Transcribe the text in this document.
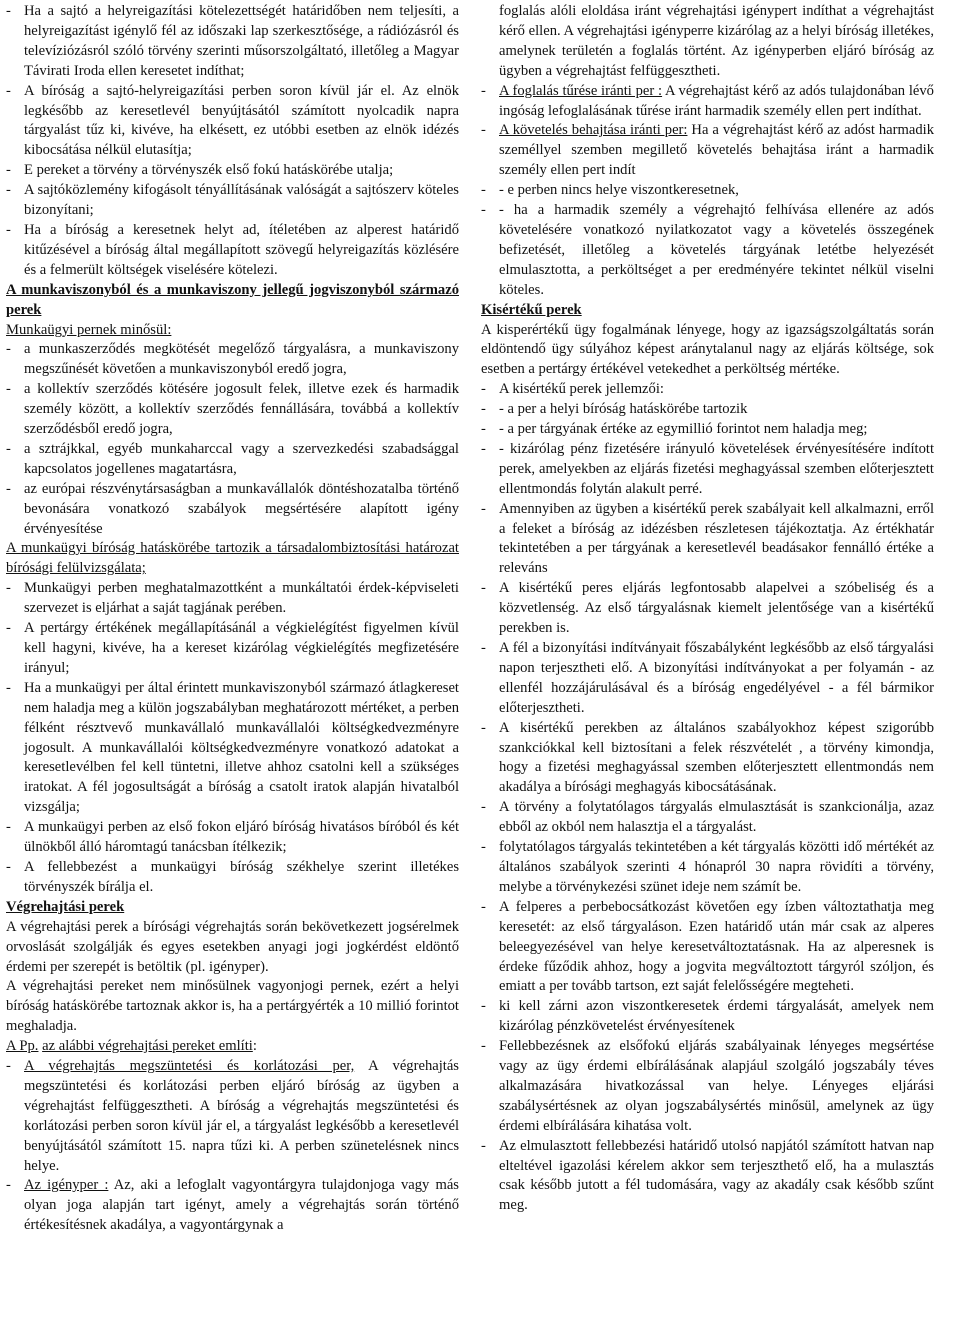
- Ha a sajtó a helyreigazítási kötelezettségét határidőben nem teljesíti, a helyreigazítást igénylő fél az időszaki lap szerkesztősége, a rádiózásról és televíziózásról szóló törvény szerinti műsorszolgáltató, illetőleg a Magyar Távirati Iroda ellen keresetet indíthat;
- A bíróság a sajtó-helyreigazítási perben soron kívül jár el. Az elnök legkésőbb az keresetlevél benyújtásától számított nyolcadik napra tárgyalást tűz ki, kivéve, ha elkésett, ez utóbbi esetben az elnök idézés kibocsátása nélkül elutasítja;
- E pereket a törvény a törvényszék első fokú hatáskörébe utalja;
- A sajtóközlemény kifogásolt tényállításának valóságát a sajtószerv köteles bizonyítani;
- Ha a bíróság a keresetnek helyt ad, ítéletében az alperest határidő kitűzésével a bíróság által megállapított szövegű helyreigazítás közlésére és a felmerült költségek viselésére kötelezi.

A munkaviszonyból és a munkaviszony jellegű jogviszonyból származó perek

Munkaügyi pernek minősül:

- a munkaszerződés megkötését megelőző tárgyalásra, a munkaviszony megszűnését követően a munkaviszonyból eredő jogra,
- a kollektív szerződés kötésére jogosult felek, illetve ezek és harmadik személy között, a kollektív szerződés fennállására, továbbá a kollektív szerződésből eredő jogra,
- a sztrájkkal, egyéb munkaharccal vagy a szervezkedési szabadsággal kapcsolatos jogellenes magatartásra,
- az európai részvénytársaságban a munkavállalók döntéshozatalba történő bevonására vonatkozó szabályok megsértésére alapított igény érvényesítése

A munkaügyi bíróság hatáskörébe tartozik a társadalombiztosítási határozat bírósági felülvizsgálata;

- Munkaügyi perben meghatalmazottként a munkáltatói érdek-képviseleti szervezet is eljárhat a saját tagjának perében.
- A pertárgy értékének megállapításánál a végkielégítést figyelmen kívül kell hagyni, kivéve, ha a kereset kizárólag végkielégítés megfizetésére irányul;
- Ha a munkaügyi per által érintett munkaviszonyból származó átlagkereset nem haladja meg a külön jogszabályban meghatározott mértéket, a perben félként résztvevő munkavállaló munkavállalói költségkedvezményre jogosult. A munkavállalói költségkedvezményre vonatkozó adatokat a keresetlevélben fel kell tüntetni, illetve ahhoz csatolni kell a szükséges iratokat. A fél jogosultságát a bíróság a csatolt iratok alapján hivatalból vizsgálja;
- A munkaügyi perben az első fokon eljáró bíróság hivatásos bíróból és két ülnökből álló háromtagú tanácsban ítélkezik;
- A fellebbezést a munkaügyi bíróság székhelye szerint illetékes törvényszék bírálja el.

Végrehajtási perek

A végrehajtási perek a bírósági végrehajtás során bekövetkezett jogsérelmek orvoslását szolgálják és egyes esetekben anyagi jogi jogkérdést eldöntő érdemi per szerepét is betöltik (pl. igényper).

A végrehajtási pereket nem minősülnek vagyonjogi pernek, ezért a helyi bíróság hatáskörébe tartoznak akkor is, ha a pertárgyérték a 10 millió forintot meghaladja.

A Pp. az alábbi végrehajtási pereket említi:

- A végrehajtás megszüntetési és korlátozási per, A végrehajtás megszüntetési és korlátozási perben eljáró bíróság az ügyben a végrehajtást felfüggesztheti. A bíróság a végrehajtás megszüntetési és korlátozási perben soron kívül jár el, a tárgyalást legkésőbb a keresetlevél benyújtásától számított 15. napra tűzi ki. A perben szünetelésnek nincs helye.
- Az igényper : Az, aki a lefoglalt vagyontárgyra tulajdonjoga vagy más olyan joga alapján tart igényt, amely a végrehajtás során történő értékesítésnek akadálya, a vagyontárgynak a

foglalás alóli eloldása iránt végrehajtási igénypert indíthat a végrehajtást kérő ellen. A végrehajtási igényperre kizárólag az a helyi bíróság illetékes, amelynek területén a foglalás történt. Az igényperben eljáró bíróság az ügyben a végrehajtást felfüggesztheti.

- A foglalás tűrése iránti per : A végrehajtást kérő az adós tulajdonában lévő ingóság lefoglalásának tűrése iránt harmadik személy ellen pert indíthat.
- A követelés behajtása iránti per: Ha a végrehajtást kérő az adóst harmadik személlyel szemben megillető követelés behajtása iránt a harmadik személy ellen pert indít
- - e perben nincs helye viszontkeresetnek,
- - ha a harmadik személy a végrehajtó felhívása ellenére az adós követelésére vonatkozó nyilatkozatot vagy a követelés összegének befizetését, illetőleg a követelés tárgyának letétbe helyezését elmulasztotta, a perköltséget a per eredményére tekintet nélkül viselni köteles.

Kisértékű perek

A kisperértékű ügy fogalmának lényege, hogy az igazságszolgáltatás során eldöntendő ügy súlyához képest aránytalanul nagy az eljárás költsége, sok esetben a pertárgy értékével vetekedhet a perköltség mértéke.

- A kisértékű perek jellemzői:
- - a per a helyi bíróság hatáskörébe tartozik
- - a per tárgyának értéke az egymillió forintot nem haladja meg;
- - kizárólag pénz fizetésére irányuló követelések érvényesítésére indított perek, amelyekben az eljárás fizetési meghagyással szemben előterjesztett ellentmondás folytán alakult perré.
- Amennyiben az ügyben a kisértékű perek szabályait kell alkalmazni, erről a feleket a bíróság az idézésben részletesen tájékoztatja. Az értékhatár tekintetében a per tárgyának a keresetlevél beadásakor fennálló értéke a releváns
- A kisértékű peres eljárás legfontosabb alapelvei a szóbeliség és a közvetlenség. Az első tárgyalásnak kiemelt jelentősége van a kisértékű perekben is.
- A fél a bizonyítási indítványait főszabályként legkésőbb az első tárgyalási napon terjesztheti elő. A bizonyítási indítványokat a per folyamán - az ellenfél hozzájárulásával és a bíróság engedélyével - a fél bármikor előterjesztheti.
- A kisértékű perekben az általános szabályokhoz képest szigorúbb szankciókkal kell biztosítani a felek részvételét , a törvény kimondja, hogy a fizetési meghagyással szemben előterjesztett ellentmondás nem akadálya a bírósági meghagyás kibocsátásának.
- A törvény a folytatólagos tárgyalás elmulasztását is szankcionálja, azaz ebből az okból nem halasztja el a tárgyalást.
- folytatólagos tárgyalás tekintetében a két tárgyalás közötti idő mértékét az általános szabályok szerinti 4 hónapról 30 napra rövidíti a törvény, melybe a törvénykezési szünet ideje nem számít be.
- A felperes a perbebocsátkozást követően egy ízben változtathatja meg keresetét: az első tárgyaláson. Ezen határidő után már csak az alperes beleegyezésével van helye keresetváltoztatásnak. Ha az alperesnek is érdeke fűződik ahhoz, hogy a jogvita megváltoztott tárgyról szóljon, és emiatt a per tovább tartson, ezt saját felelősségére megteheti.
- ki kell zárni azon viszontkeresetek érdemi tárgyalását, amelyek nem kizárólag pénzkövetelést érvényesítenek
- Fellebbezésnek az elsőfokú eljárás szabályainak lényeges megsértése vagy az ügy érdemi elbírálásának alapjául szolgáló jogszabály téves alkalmazására hivatkozással van helye. Lényeges eljárási szabálysértésnek az olyan jogszabálysértés minősül, amelynek az ügy érdemi elbírálására kihatása volt.
- Az elmulasztott fellebbezési határidő utolsó napjától számított hatvan nap elteltével igazolási kérelem akkor sem terjeszthető elő, ha a mulasztás csak később jutott a fél tudomására, vagy az akadály csak később szűnt meg.
